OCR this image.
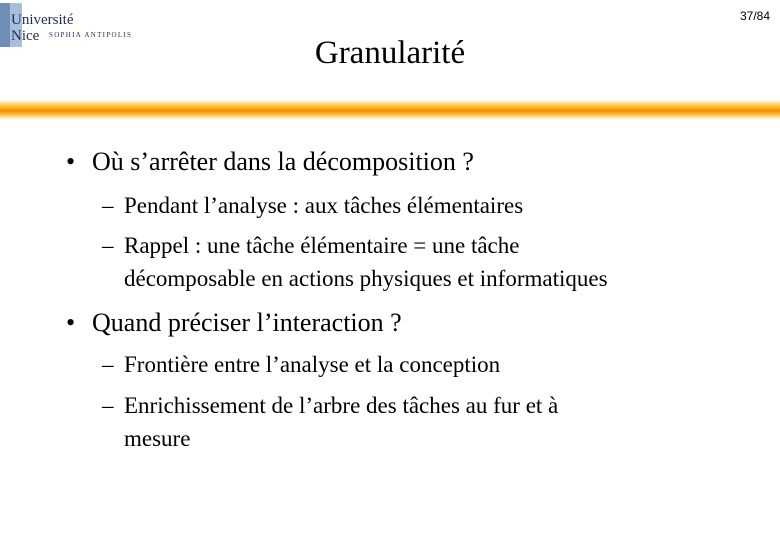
Université
Nice SOPHIA ANTIPOLIS
37/84
Granularité
• Où s’arrêter dans la décomposition ?
– Pendant l’analyse : aux tâches élémentaires
– Rappel : une tâche élémentaire = une tâche
décomposable en actions physiques et informatiques
• Quand préciser l’interaction ?
– Frontière entre l’analyse et la conception
– Enrichissement de l’arbre des tâches au fur et à
mesure
